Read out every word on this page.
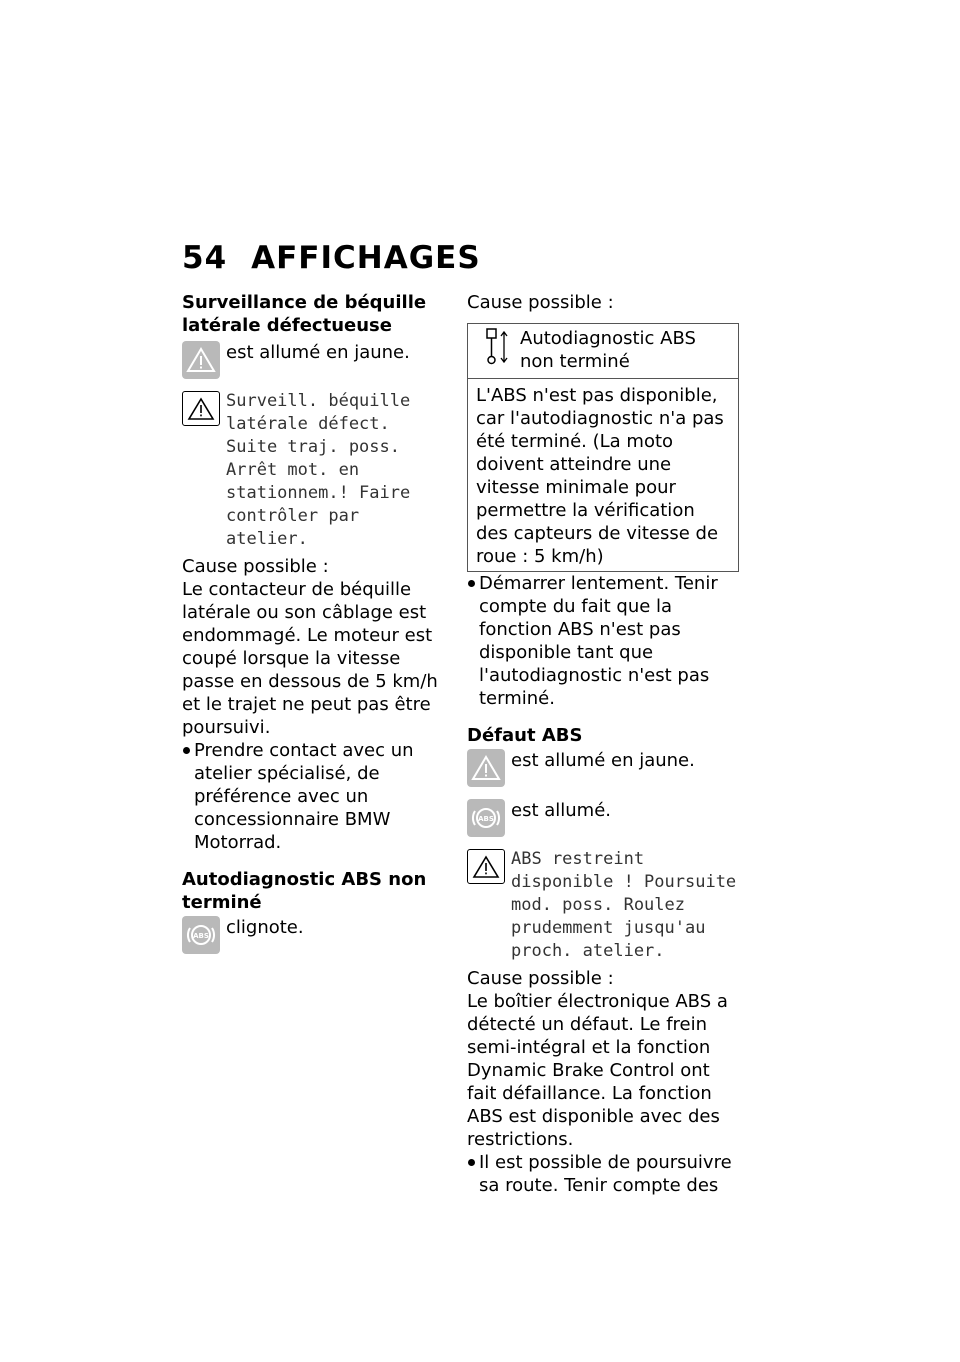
54 AFFICHAGES
Surveillance de béquille latérale défectueuse
est allumé en jaune.
Surveill. béquille latérale défect. Suite traj. poss. Arrêt mot. en stationnem.! Faire contrôler par atelier.

Cause possible :

Le contacteur de béquille latérale ou son câblage est endommagé. Le moteur est coupé lorsque la vitesse passe en dessous de 5 km/h et le trajet ne peut pas être poursuivi.

Prendre contact avec un atelier spécialisé, de préférence avec un concessionnaire BMW Motorrad.
Autodiagnostic ABS non terminé
ABS clignote.

Cause possible :

Autodiagnostic ABS non terminé
L'ABS n'est pas disponible, car l'autodiagnostic n'a pas été terminé. (La moto doivent atteindre une vitesse minimale pour permettre la vérification des capteurs de vitesse de roue : 5 km/h)
Démarrer lentement. Tenir compte du fait que la fonction ABS n'est pas disponible tant que l'autodiagnostic n'est pas terminé.
Défaut ABS
est allumé en jaune.
ABS est allumé.
ABS restreint disponible ! Poursuite mod. poss. Roulez prudemment jusqu'au proch. atelier.

Cause possible :

Le boîtier électronique ABS a détecté un défaut. Le frein semi-intégral et la fonction Dynamic Brake Control ont fait défaillance. La fonction ABS est disponible avec des restrictions.

Il est possible de poursuivre sa route. Tenir compte des
